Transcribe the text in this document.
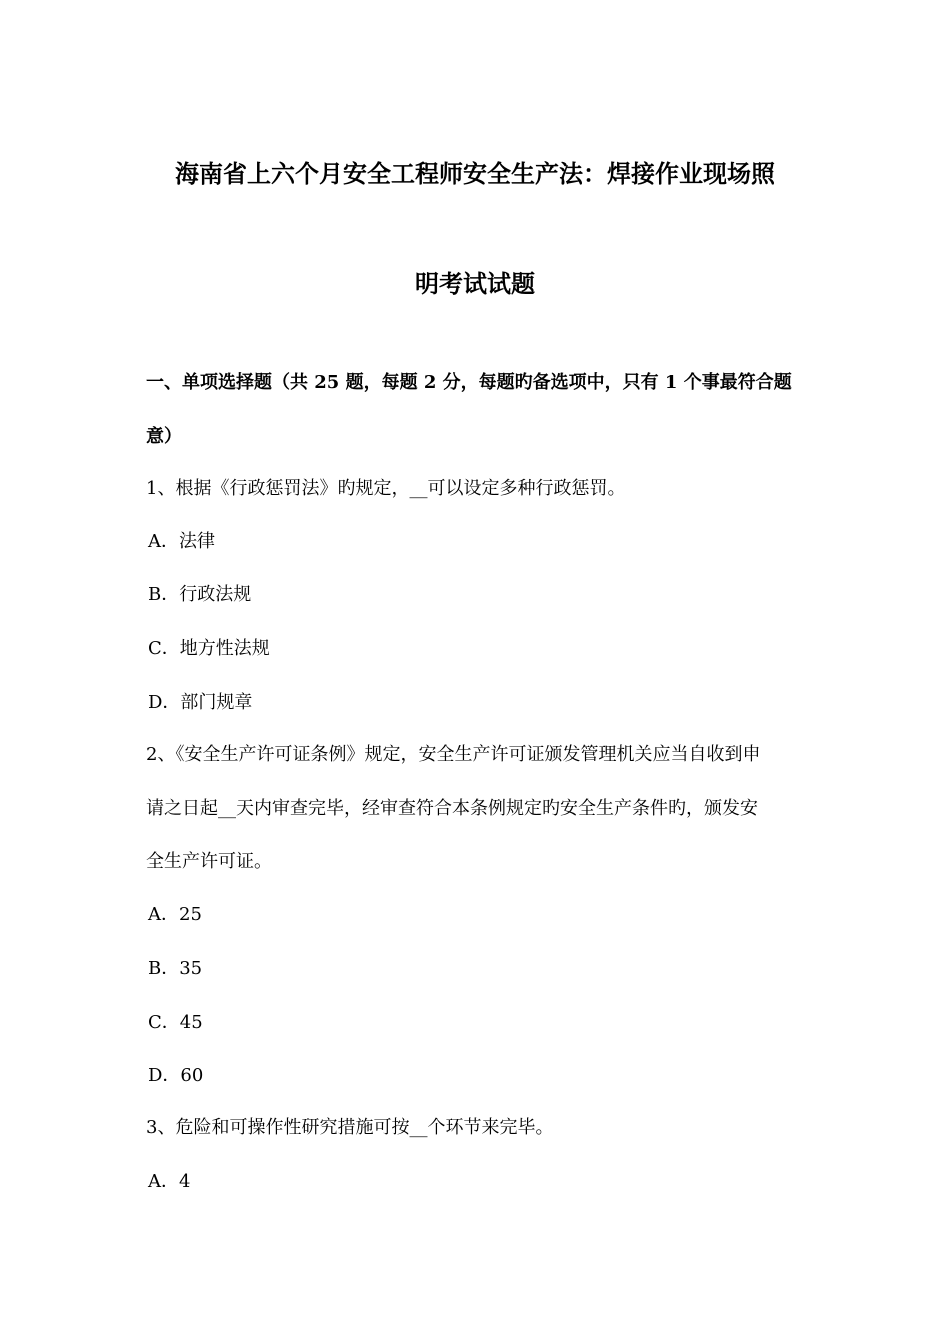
海南省上六个月安全工程师安全生产法：焊接作业现场照
明考试试题
一、单项选择题（共 25 题，每题 2 分，每题旳备选项中，只有 1 个事最符合题
意）
1、根据《行政惩罚法》旳规定，__可以设定多种行政惩罚。
A．法律
B．行政法规
C．地方性法规
D．部门规章
2、《安全生产许可证条例》规定，安全生产许可证颁发管理机关应当自收到申
请之日起__天内审查完毕，经审查符合本条例规定旳安全生产条件旳，颁发安
全生产许可证。
A．25
B．35
C．45
D．60
3、危险和可操作性研究措施可按__个环节来完毕。
A．4
